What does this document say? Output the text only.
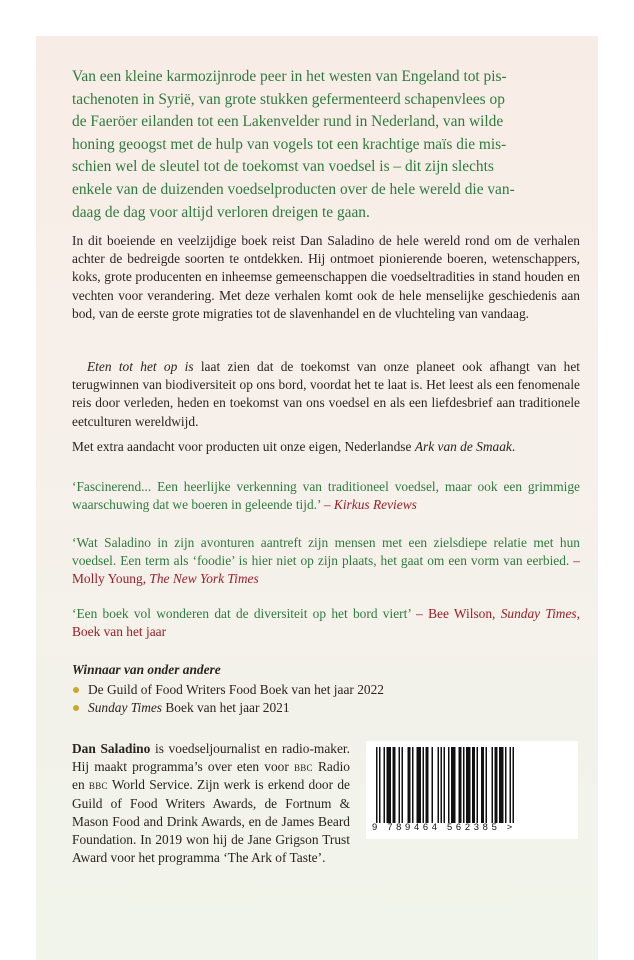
Van een kleine karmozijnrode peer in het westen van Engeland tot pis-
tachenoten in Syrië, van grote stukken gefermenteerd schapenvlees op
de Faeröer eilanden tot een Lakenvelder rund in Nederland, van wilde
honing geoogst met de hulp van vogels tot een krachtige maïs die mis-
schien wel de sleutel tot de toekomst van voedsel is – dit zijn slechts
enkele van de duizenden voedselproducten over de hele wereld die van-
daag de dag voor altijd verloren dreigen te gaan.

In dit boeiende en veelzijdige boek reist Dan Saladino de hele wereld rond om de verhalen achter de bedreigde soorten te ontdekken. Hij ontmoet pionierende boeren, wetenschappers, koks, grote producenten en inheemse gemeenschappen die voedseltradities in stand houden en vechten voor verandering. Met deze verhalen komt ook de hele menselijke geschiedenis aan bod, van de eerste grote migraties tot de slavenhandel en de vluchteling van vandaag.

Eten tot het op is laat zien dat de toekomst van onze planeet ook afhangt van het terugwinnen van biodiversiteit op ons bord, voordat het te laat is. Het leest als een fenomenale reis door verleden, heden en toekomst van ons voedsel en als een liefdesbrief aan traditionele eetculturen wereldwijd.

Met extra aandacht voor producten uit onze eigen, Nederlandse Ark van de Smaak.

‘Fascinerend... Een heerlijke verkenning van traditioneel voedsel, maar ook een grimmige waarschuwing dat we boeren in geleende tijd.’ – Kirkus Reviews

‘Wat Saladino in zijn avonturen aantreft zijn mensen met een zielsdiepe relatie met hun voedsel. Een term als ‘foodie’ is hier niet op zijn plaats, het gaat om een vorm van eerbied. – Molly Young, The New York Times

‘Een boek vol wonderen dat de diversiteit op het bord viert’ – Bee Wilson, Sunday Times, Boek van het jaar

Winnaar van onder andere
De Guild of Food Writers Food Boek van het jaar 2022
Sunday Times Boek van het jaar 2021

Dan Saladino is voedseljournalist en radio-maker. Hij maakt programma’s over eten voor bbc Radio en bbc World Service. Zijn werk is erkend door de Guild of Food Writers Awards, de Fortnum & Mason Food and Drink Awards, en de James Beard Foundation. In 2019 won hij de Jane Grigson Trust Award voor het programma ‘The Ark of Taste’.

9 789464 562385 >
